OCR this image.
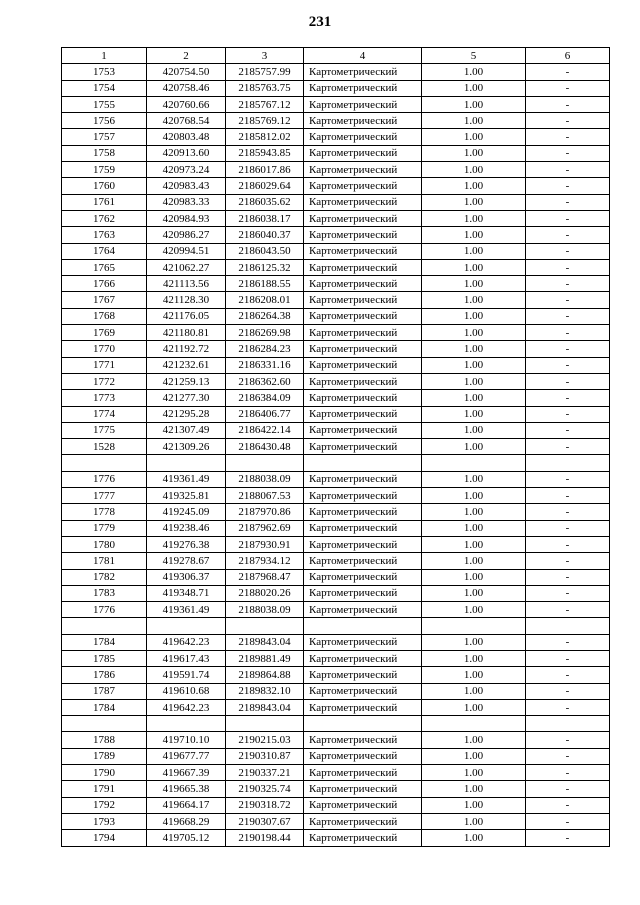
231
1	2	3	4	5	6
1753	420754.50	2185757.99	Картометрический	1.00	-
1754	420758.46	2185763.75	Картометрический	1.00	-
1755	420760.66	2185767.12	Картометрический	1.00	-
1756	420768.54	2185769.12	Картометрический	1.00	-
1757	420803.48	2185812.02	Картометрический	1.00	-
1758	420913.60	2185943.85	Картометрический	1.00	-
1759	420973.24	2186017.86	Картометрический	1.00	-
1760	420983.43	2186029.64	Картометрический	1.00	-
1761	420983.33	2186035.62	Картометрический	1.00	-
1762	420984.93	2186038.17	Картометрический	1.00	-
1763	420986.27	2186040.37	Картометрический	1.00	-
1764	420994.51	2186043.50	Картометрический	1.00	-
1765	421062.27	2186125.32	Картометрический	1.00	-
1766	421113.56	2186188.55	Картометрический	1.00	-
1767	421128.30	2186208.01	Картометрический	1.00	-
1768	421176.05	2186264.38	Картометрический	1.00	-
1769	421180.81	2186269.98	Картометрический	1.00	-
1770	421192.72	2186284.23	Картометрический	1.00	-
1771	421232.61	2186331.16	Картометрический	1.00	-
1772	421259.13	2186362.60	Картометрический	1.00	-
1773	421277.30	2186384.09	Картометрический	1.00	-
1774	421295.28	2186406.77	Картометрический	1.00	-
1775	421307.49	2186422.14	Картометрический	1.00	-
1528	421309.26	2186430.48	Картометрический	1.00	-

1776	419361.49	2188038.09	Картометрический	1.00	-
1777	419325.81	2188067.53	Картометрический	1.00	-
1778	419245.09	2187970.86	Картометрический	1.00	-
1779	419238.46	2187962.69	Картометрический	1.00	-
1780	419276.38	2187930.91	Картометрический	1.00	-
1781	419278.67	2187934.12	Картометрический	1.00	-
1782	419306.37	2187968.47	Картометрический	1.00	-
1783	419348.71	2188020.26	Картометрический	1.00	-
1776	419361.49	2188038.09	Картометрический	1.00	-

1784	419642.23	2189843.04	Картометрический	1.00	-
1785	419617.43	2189881.49	Картометрический	1.00	-
1786	419591.74	2189864.88	Картометрический	1.00	-
1787	419610.68	2189832.10	Картометрический	1.00	-
1784	419642.23	2189843.04	Картометрический	1.00	-

1788	419710.10	2190215.03	Картометрический	1.00	-
1789	419677.77	2190310.87	Картометрический	1.00	-
1790	419667.39	2190337.21	Картометрический	1.00	-
1791	419665.38	2190325.74	Картометрический	1.00	-
1792	419664.17	2190318.72	Картометрический	1.00	-
1793	419668.29	2190307.67	Картометрический	1.00	-
1794	419705.12	2190198.44	Картометрический	1.00	-
